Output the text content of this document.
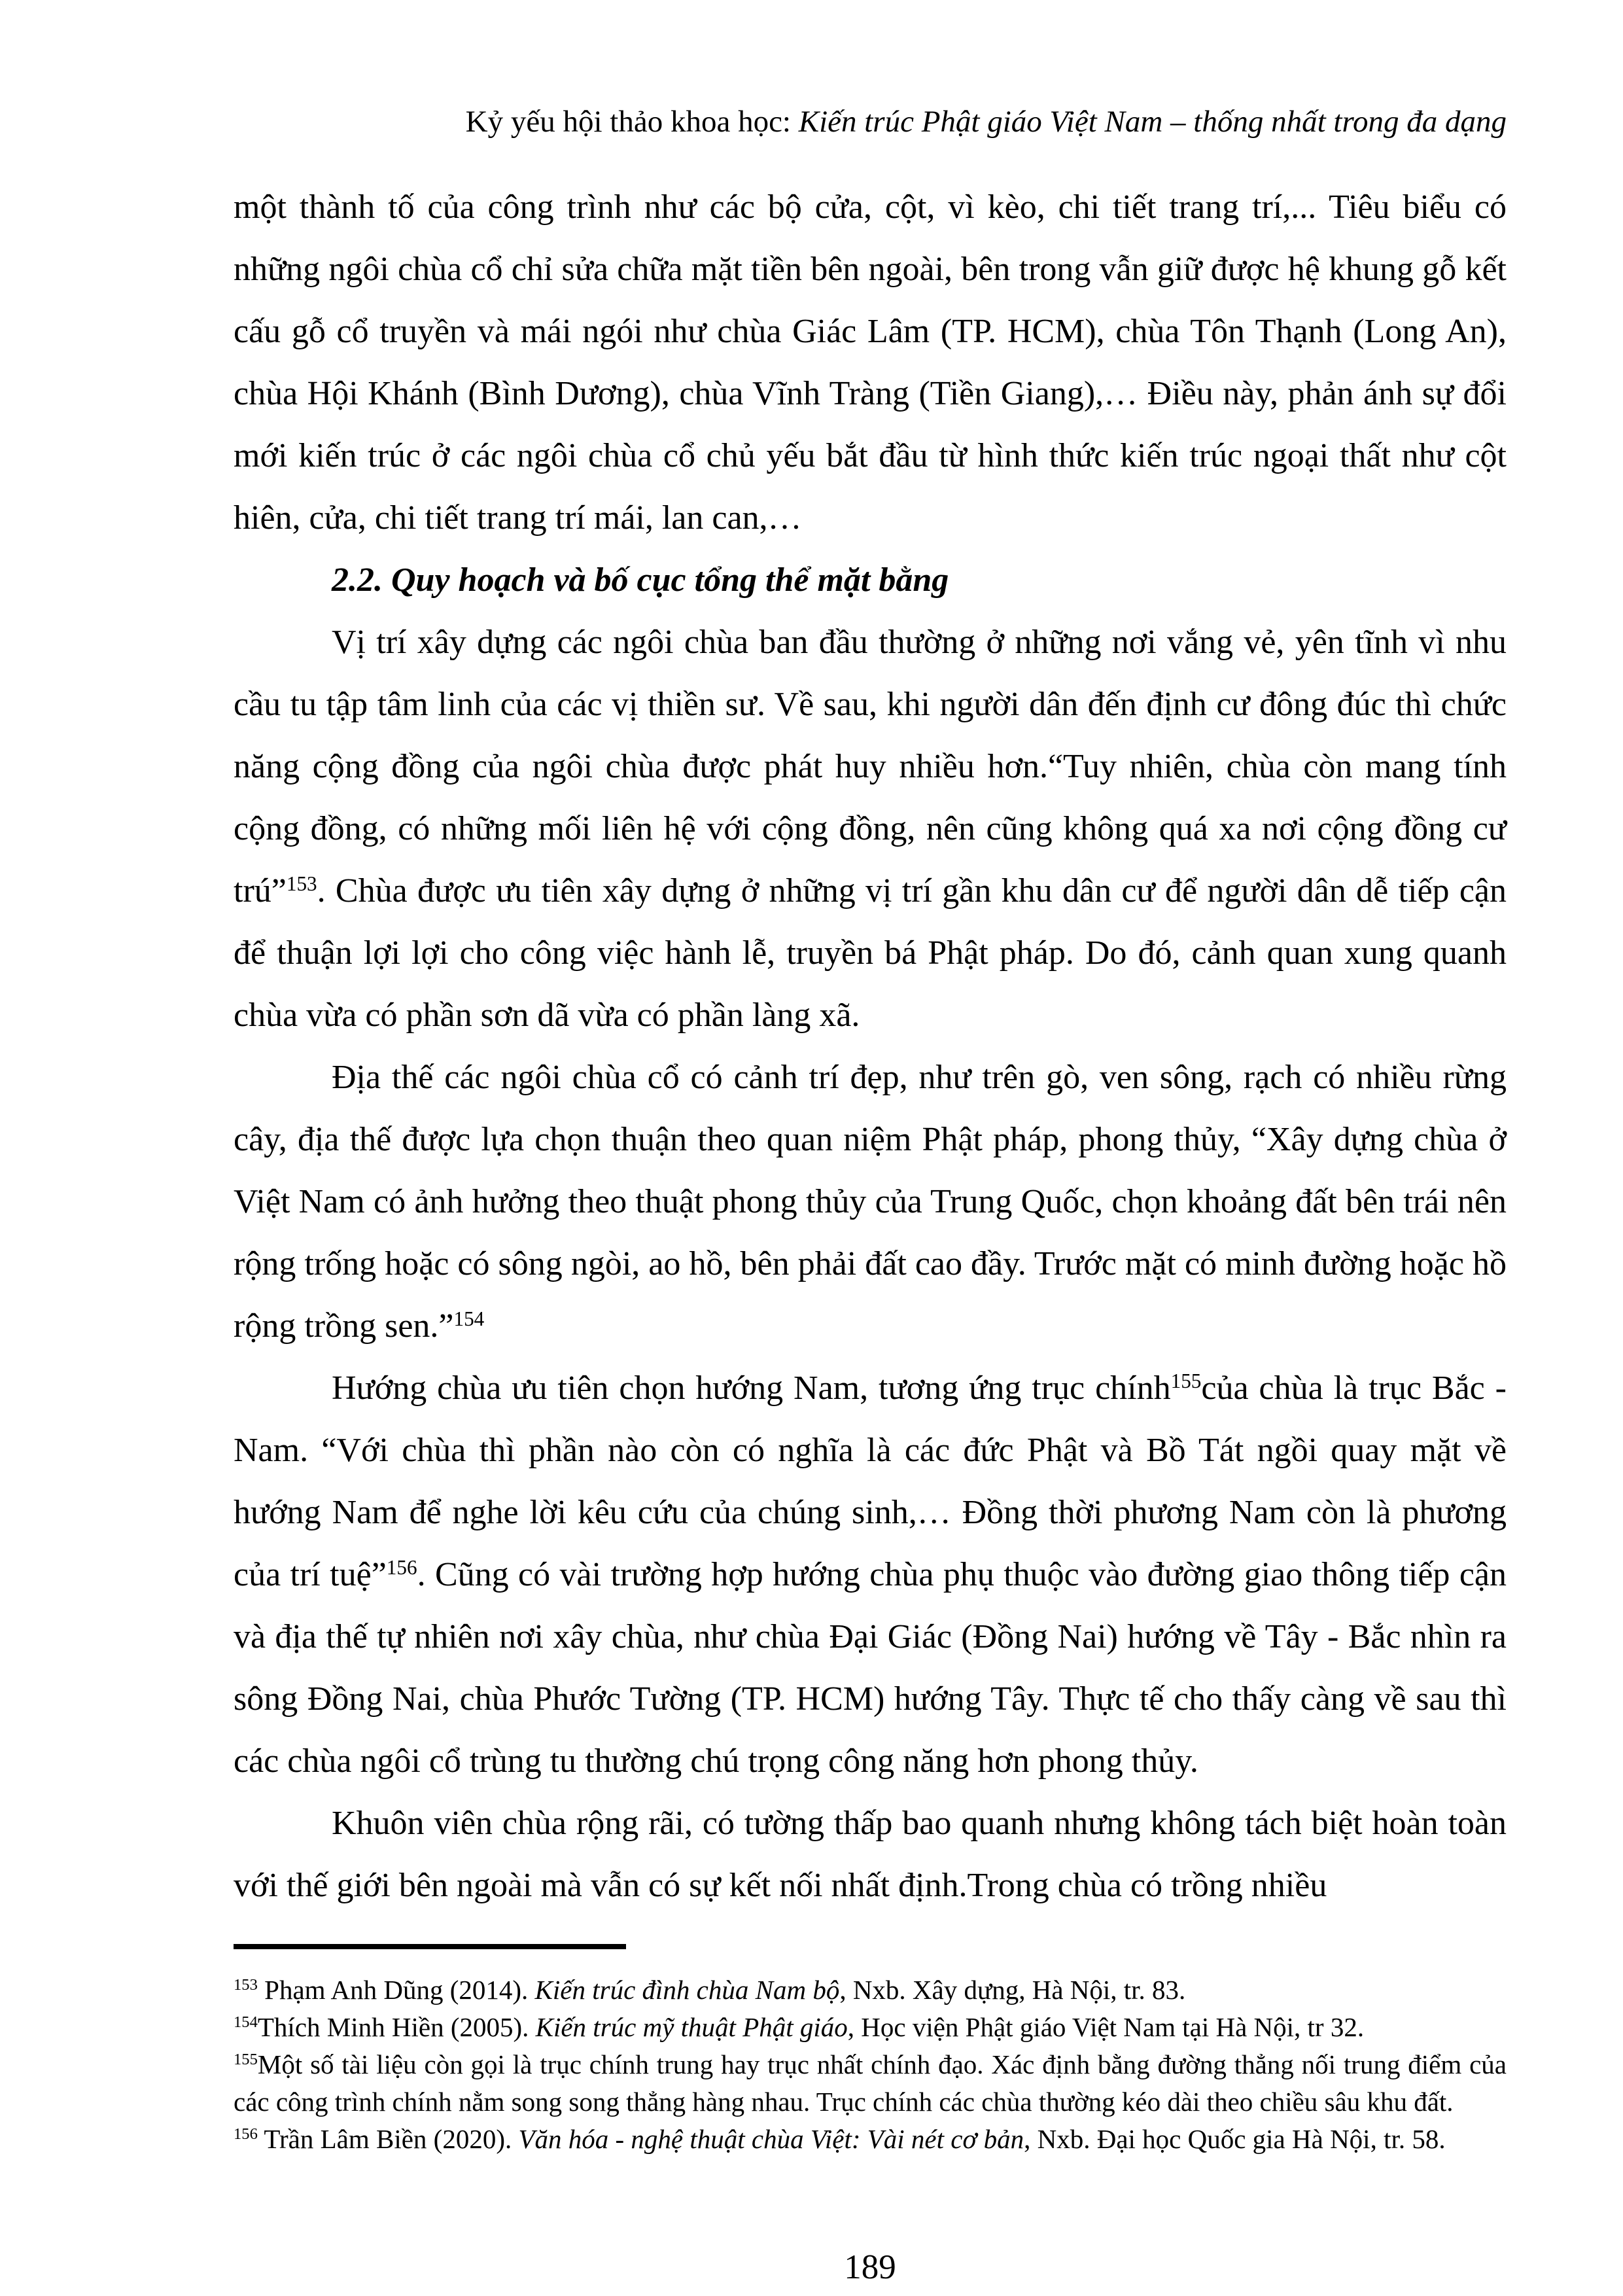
Kỷ yếu hội thảo khoa học: Kiến trúc Phật giáo Việt Nam – thống nhất trong đa dạng

một thành tố của công trình như các bộ cửa, cột, vì kèo, chi tiết trang trí,... Tiêu biểu có những ngôi chùa cổ chỉ sửa chữa mặt tiền bên ngoài, bên trong vẫn giữ được hệ khung gỗ kết cấu gỗ cổ truyền và mái ngói như chùa Giác Lâm (TP. HCM), chùa Tôn Thạnh (Long An), chùa Hội Khánh (Bình Dương), chùa Vĩnh Tràng (Tiền Giang),… Điều này, phản ánh sự đổi mới kiến trúc ở các ngôi chùa cổ chủ yếu bắt đầu từ hình thức kiến trúc ngoại thất như cột hiên, cửa, chi tiết trang trí mái, lan can,…

2.2. Quy hoạch và bố cục tổng thể mặt bằng

Vị trí xây dựng các ngôi chùa ban đầu thường ở những nơi vắng vẻ, yên tĩnh vì nhu cầu tu tập tâm linh của các vị thiền sư. Về sau, khi người dân đến định cư đông đúc thì chức năng cộng đồng của ngôi chùa được phát huy nhiều hơn.“Tuy nhiên, chùa còn mang tính cộng đồng, có những mối liên hệ với cộng đồng, nên cũng không quá xa nơi cộng đồng cư trú”$^{153}$. Chùa được ưu tiên xây dựng ở những vị trí gần khu dân cư để người dân dễ tiếp cận để thuận lợi lợi cho công việc hành lễ, truyền bá Phật pháp. Do đó, cảnh quan xung quanh chùa vừa có phần sơn dã vừa có phần làng xã.

Địa thế các ngôi chùa cổ có cảnh trí đẹp, như trên gò, ven sông, rạch có nhiều rừng cây, địa thế được lựa chọn thuận theo quan niệm Phật pháp, phong thủy, “Xây dựng chùa ở Việt Nam có ảnh hưởng theo thuật phong thủy của Trung Quốc, chọn khoảng đất bên trái nên rộng trống hoặc có sông ngòi, ao hồ, bên phải đất cao đầy. Trước mặt có minh đường hoặc hồ rộng trồng sen.”$^{154}$

Hướng chùa ưu tiên chọn hướng Nam, tương ứng trục chính$^{155}$của chùa là trục Bắc -Nam. “Với chùa thì phần nào còn có nghĩa là các đức Phật và Bồ Tát ngồi quay mặt về hướng Nam để nghe lời kêu cứu của chúng sinh,… Đồng thời phương Nam còn là phương của trí tuệ”$^{156}$. Cũng có vài trường hợp hướng chùa phụ thuộc vào đường giao thông tiếp cận và địa thế tự nhiên nơi xây chùa, như chùa Đại Giác (Đồng Nai) hướng về Tây - Bắc nhìn ra sông Đồng Nai, chùa Phước Tường (TP. HCM) hướng Tây. Thực tế cho thấy càng về sau thì các chùa ngôi cổ trùng tu thường chú trọng công năng hơn phong thủy.

Khuôn viên chùa rộng rãi, có tường thấp bao quanh nhưng không tách biệt hoàn toàn với thế giới bên ngoài mà vẫn có sự kết nối nhất định.Trong chùa có trồng nhiều

$^{153}$ Phạm Anh Dũng (2014). Kiến trúc đình chùa Nam bộ, Nxb. Xây dựng, Hà Nội, tr. 83.

$^{154}$Thích Minh Hiền (2005). Kiến trúc mỹ thuật Phật giáo, Học viện Phật giáo Việt Nam tại Hà Nội, tr 32.

$^{155}$Một số tài liệu còn gọi là trục chính trung hay trục nhất chính đạo. Xác định bằng đường thẳng nối trung điểm của các công trình chính nằm song song thẳng hàng nhau. Trục chính các chùa thường kéo dài theo chiều sâu khu đất.

$^{156}$ Trần Lâm Biền (2020). Văn hóa - nghệ thuật chùa Việt: Vài nét cơ bản, Nxb. Đại học Quốc gia Hà Nội, tr. 58.

189
